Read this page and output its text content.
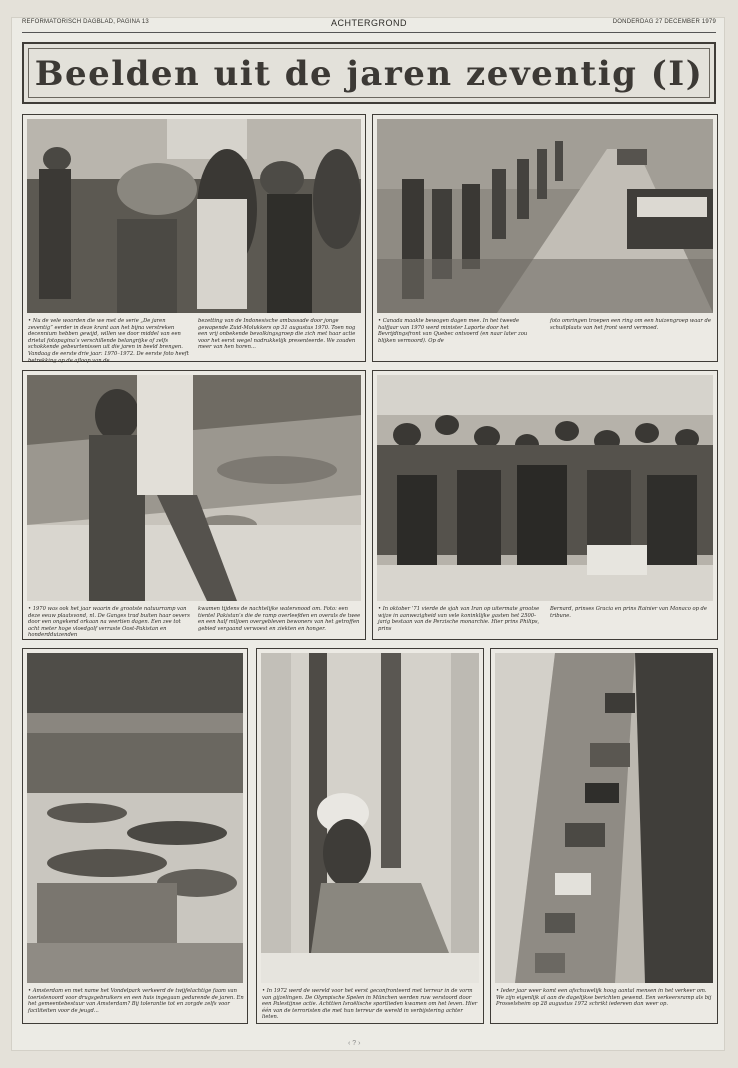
REFORMATORISCH DAGBLAD, PAGINA 13	ACHTERGROND	DONDERDAG 27 DECEMBER 1979
Beelden uit de jaren zeventig (I)
• Nu de vele woorden die we met de serie „De jaren zeventig” eerder in deze krant aan het bijna verstreken decennium hebben gewijd, willen we door middel van een drietal fotopagina’s verschillende belangrijke of zelfs schokkende gebeurtenissen uit die jaren in beeld brengen. Vandaag de eerste drie jaar: 1970–1972. De eerste foto heeft betrekking op de afloop van de
bezetting van de Indonesische ambassade door jonge gewapende Zuid-Molukkers op 31 augustus 1970. Toen nog een vrij onbekende bevolkingsgroep die zich met haar actie voor het eerst wegel nadrukkelijk presenteerde. We zouden meer van hen horen...
• Canada maakte bewogen dagen mee. In het tweede halfjaar van 1970 werd minister Laporte door het Bevrijdingsfront van Quebec ontvoerd (en naar later zou blijken vermoord). Op de
foto omringen troepen een ring om een huizengroep waar de schuilplaats van het front werd vermoed.
• 1970 was ook het jaar waarin de grootste natuurramp van deze eeuw plaatsvond, nl. De Ganges trad buiten haar oevers door een ongekend orkaan na veertien dagen. Een zee tot acht meter hoge vloedgolf verraste Oost-Pakistan en honderdduizenden
kwamen tijdens de nachtelijke watersnood om. Foto: een tientel Pakistan’s die de ramp overleefden en overals de twee en een half miljoen overgebleven bewoners van het getroffen gebied vergaand verwoest en ziekten en honger.
• In oktober ’71 vierde de sjah van Iran op uitermate grootse wijze in aanwezigheid van vele koninklijke gasten het 2500-jarig bestaan van de Perzische monarchie. Hier prins Philips, prins
Bernard, prinses Gracia en prins Rainier van Monaco op de tribune.
• Amsterdam en met name het Vondelpark verkeerd de twijfelachtige faam van toeristenoord voor drugsgebruikers en een huis ingegaan gedurende de jaren. En het gemeentebestuur van Amsterdam? Bij tolerantie tot en zorgde zelfs voor faciliteiten voor de jeugd...
• In 1972 werd de wereld voor het eerst geconfronteerd met terreur in de vorm van gijzelingen. De Olympische Spelen in München werden ruw verstoord door een Palestijnse actie. Achttien Israëlische sportlieden kwamen om het leven. Hier één van de terroristen die met hun terreur de wereld in verbijstering achter lieten.
• Ieder jaar weer komt een afschuwelijk hoog aantal mensen in het verkeer om. We zijn eigenlijk al aan de dagelijkse berichten gewend. Een verkeersramp als bij Prosselsheim op 28 augustus 1972 schrikt iedereen dan weer op.
‹ ? ›
